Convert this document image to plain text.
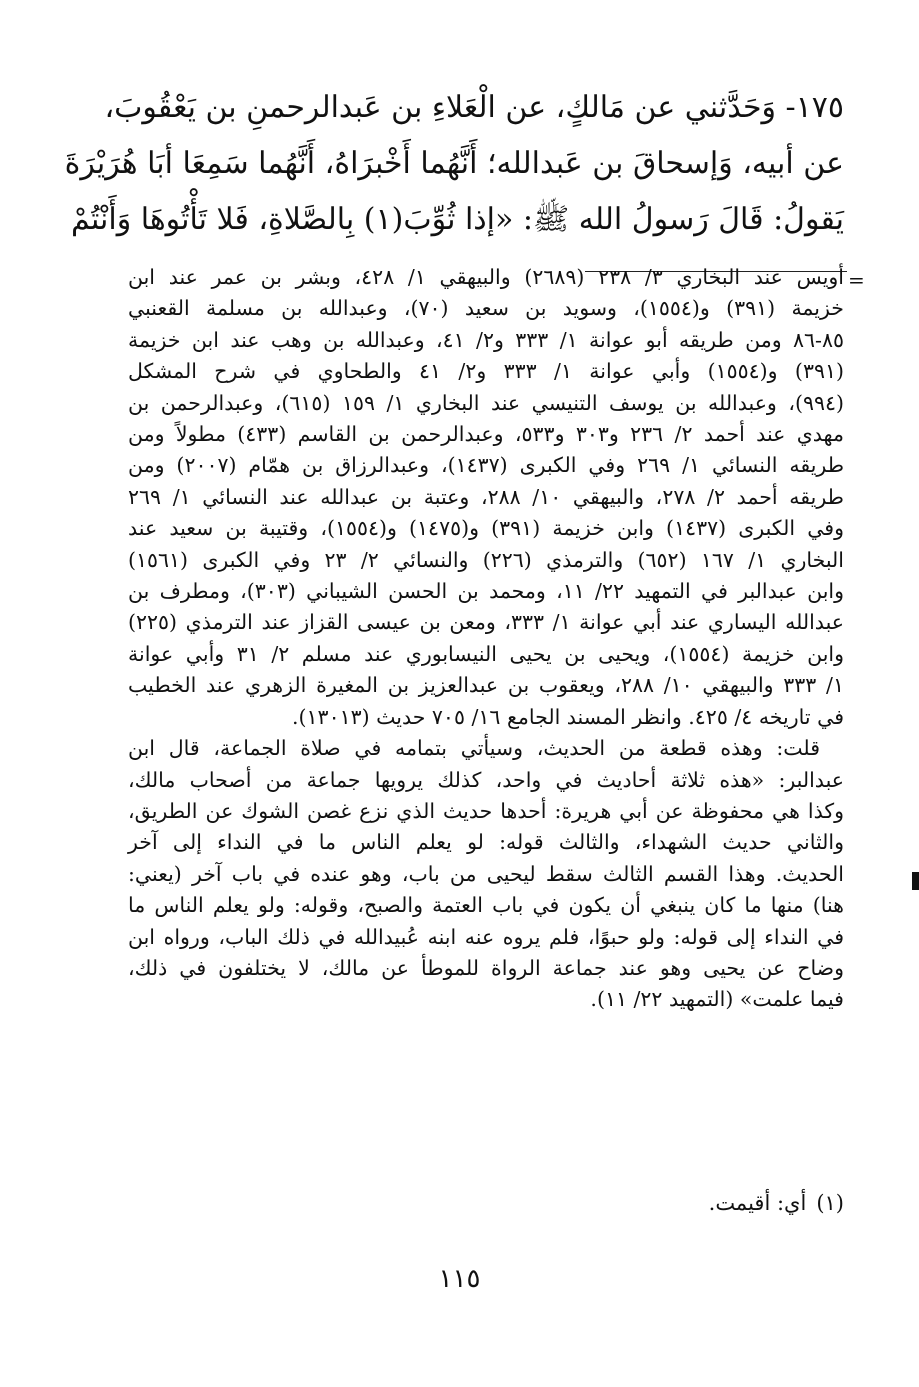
١٧٥- وَحَدَّثني عن مَالكٍ، عن الْعَلاءِ بن عَبدالرحمنِ بن يَعْقُوبَ،
عن أبيه، وَإسحاقَ بن عَبدالله؛ أَنَّهُما أَخْبرَاهُ، أَنَّهُما سَمِعَا أبَا هُرَيْرَةَ
يَقولُ: قَالَ رَسولُ الله ﷺ: «إذا ثُوِّبَ(١) بِالصَّلاةِ، فَلا تَأْتُوهَا وَأَنْتُمْ
=

أويس عند البخاري ٣/ ٢٣٨ (٢٦٨٩) والبيهقي ١/ ٤٢٨، وبشر بن عمر عند ابن
خزيمة (٣٩١) و(١٥٥٤)، وسويد بن سعيد (٧٠)، وعبدالله بن مسلمة القعنبي
٨٥-٨٦ ومن طريقه أبو عوانة ١/ ٣٣٣ و٢/ ٤١، وعبدالله بن وهب عند ابن خزيمة
(٣٩١) و(١٥٥٤) وأبي عوانة ١/ ٣٣٣ و٢/ ٤١ والطحاوي في شرح المشكل
(٩٩٤)، وعبدالله بن يوسف التنيسي عند البخاري ١/ ١٥٩ (٦١٥)، وعبدالرحمن بن
مهدي عند أحمد ٢/ ٢٣٦ و٣٠٣ و٥٣٣، وعبدالرحمن بن القاسم (٤٣٣) مطولاً ومن
طريقه النسائي ١/ ٢٦٩ وفي الكبرى (١٤٣٧)، وعبدالرزاق بن همّام (٢٠٠٧) ومن
طريقه أحمد ٢/ ٢٧٨، والبيهقي ١٠/ ٢٨٨، وعتبة بن عبدالله عند النسائي ١/ ٢٦٩
وفي الكبرى (١٤٣٧) وابن خزيمة (٣٩١) و(١٤٧٥) و(١٥٥٤)، وقتيبة بن سعيد عند
البخاري ١/ ١٦٧ (٦٥٢) والترمذي (٢٢٦) والنسائي ٢/ ٢٣ وفي الكبرى (١٥٦١)
وابن عبدالبر في التمهيد ٢٢/ ١١، ومحمد بن الحسن الشيباني (٣٠٣)، ومطرف بن
عبدالله اليساري عند أبي عوانة ١/ ٣٣٣، ومعن بن عيسى القزاز عند الترمذي (٢٢٥)
وابن خزيمة (١٥٥٤)، ويحيى بن يحيى النيسابوري عند مسلم ٢/ ٣١ وأبي عوانة
١/ ٣٣٣ والبيهقي ١٠/ ٢٨٨، ويعقوب بن عبدالعزيز بن المغيرة الزهري عند الخطيب
في تاريخه ٤/ ٤٢٥. وانظر المسند الجامع ١٦/ ٧٠٥ حديث (١٣٠١٣).

قلت: وهذه قطعة من الحديث، وسيأتي بتمامه في صلاة الجماعة، قال ابن
عبدالبر: «هذه ثلاثة أحاديث في واحد، كذلك يرويها جماعة من أصحاب مالك،
وكذا هي محفوظة عن أبي هريرة: أحدها حديث الذي نزع غصن الشوك عن الطريق،
والثاني حديث الشهداء، والثالث قوله: لو يعلم الناس ما في النداء إلى آخر
الحديث. وهذا القسم الثالث سقط ليحيى من باب، وهو عنده في باب آخر (يعني:
هنا) منها ما كان ينبغي أن يكون في باب العتمة والصبح، وقوله: ولو يعلم الناس ما
في النداء إلى قوله: ولو حبوًا، فلم يروه عنه ابنه عُبيدالله في ذلك الباب، ورواه ابن
وضاح عن يحيى وهو عند جماعة الرواة للموطأ عن مالك، لا يختلفون في ذلك،
فيما علمت» (التمهيد ٢٢/ ١١).

(١)أي: أقيمت.
١١٥
